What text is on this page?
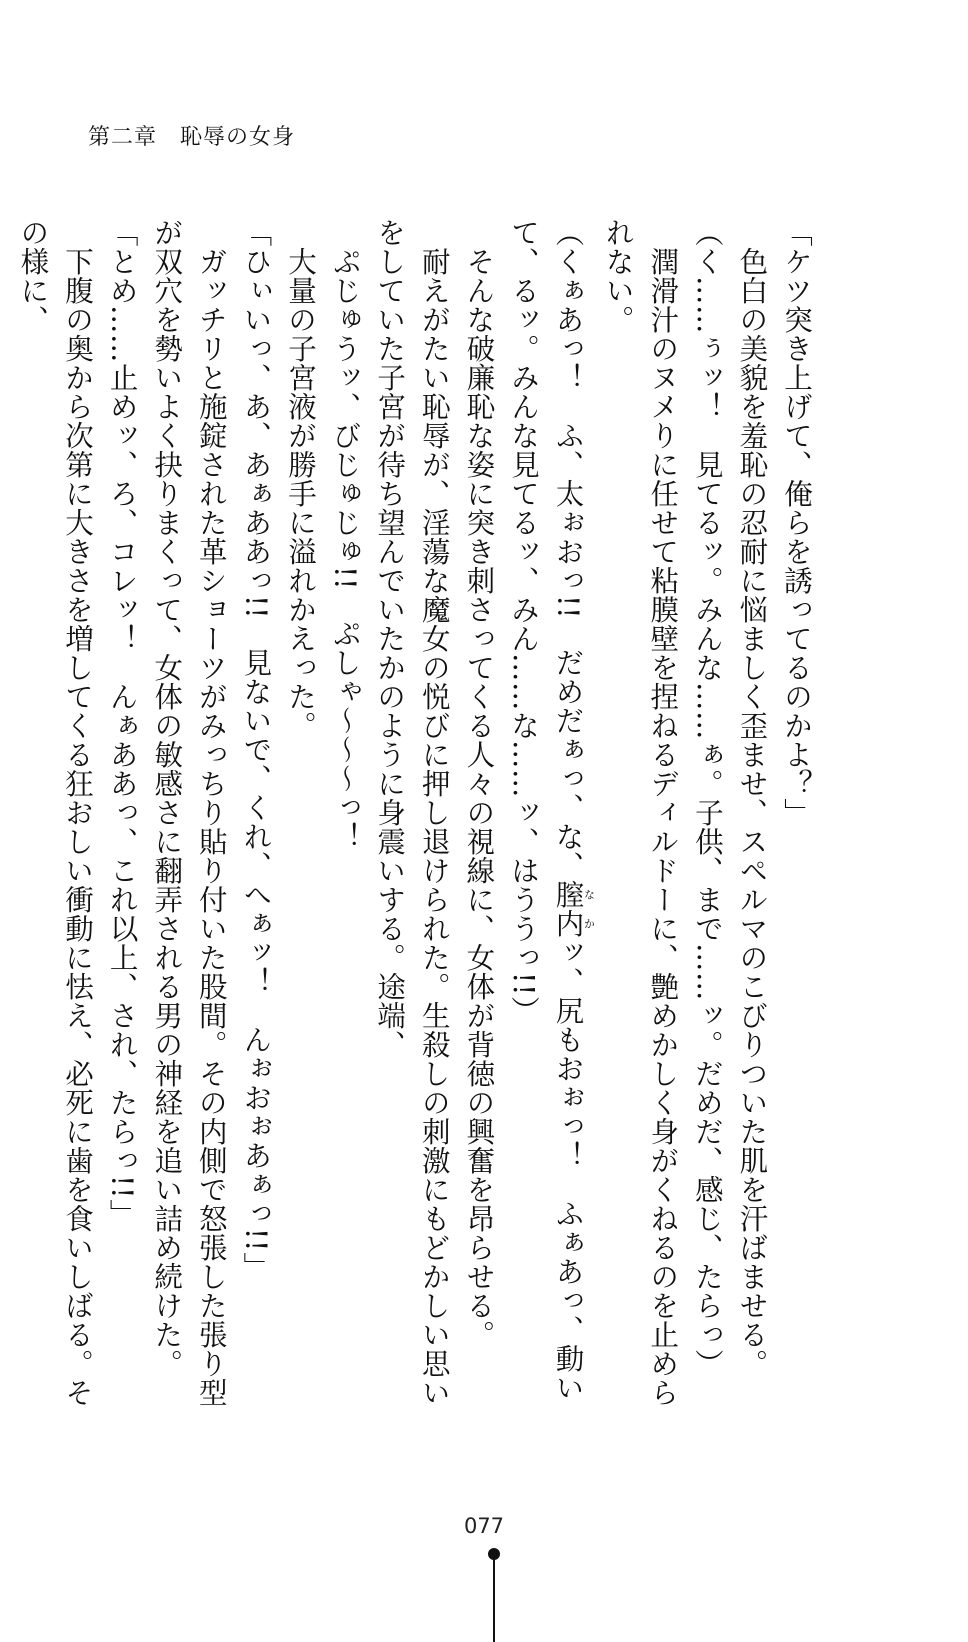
第二章　恥辱の女身

「ケツ突き上げて、俺らを誘ってるのかよ？」

色白の美貌を羞恥の忍耐に悩ましく歪ませ、スペルマのこびりついた肌を汗ばませる。

（く……ぅッ！　見てるッ。みんな……ぁ。子供、まで……ッ。だめだ、感じ、たらっ）

潤滑汁のヌメりに任せて粘膜壁を捏ねるディルドーに、艶めかしく身がくねるのを止められない。

（くぁあっ！　ふ、太ぉおっ!!　だめだぁっ、な、膣内なかッ、尻もおぉっ！　ふぁあっ、動いて、るッ。みんな見てるッ、みん……な……ッ、はううっ!!）

そんな破廉恥な姿に突き刺さってくる人々の視線に、女体が背徳の興奮を昂らせる。

耐えがたい恥辱が、淫蕩な魔女の悦びに押し退けられた。生殺しの刺激にもどかしい思いをしていた子宮が待ち望んでいたかのように身震いする。途端、

ぷじゅうッ、びじゅじゅ!!　ぷしゃ～～～っ！

大量の子宮液が勝手に溢れかえった。

「ひぃいっ、あ、あぁああっ!!　見ないで、くれ、へぁッ！　んぉおぉあぁっ!!」

ガッチリと施錠された革ショーツがみっちり貼り付いた股間。その内側で怒張した張り型が双穴を勢いよく抉りまくって、女体の敏感さに翻弄される男の神経を追い詰め続けた。

「とめ……止めッ、ろ、コレッ！　んぁああっ、これ以上、され、たらっ!!」

下腹の奥から次第に大きさを増してくる狂おしい衝動に怯え、必死に歯を食いしばる。その様に、

077
